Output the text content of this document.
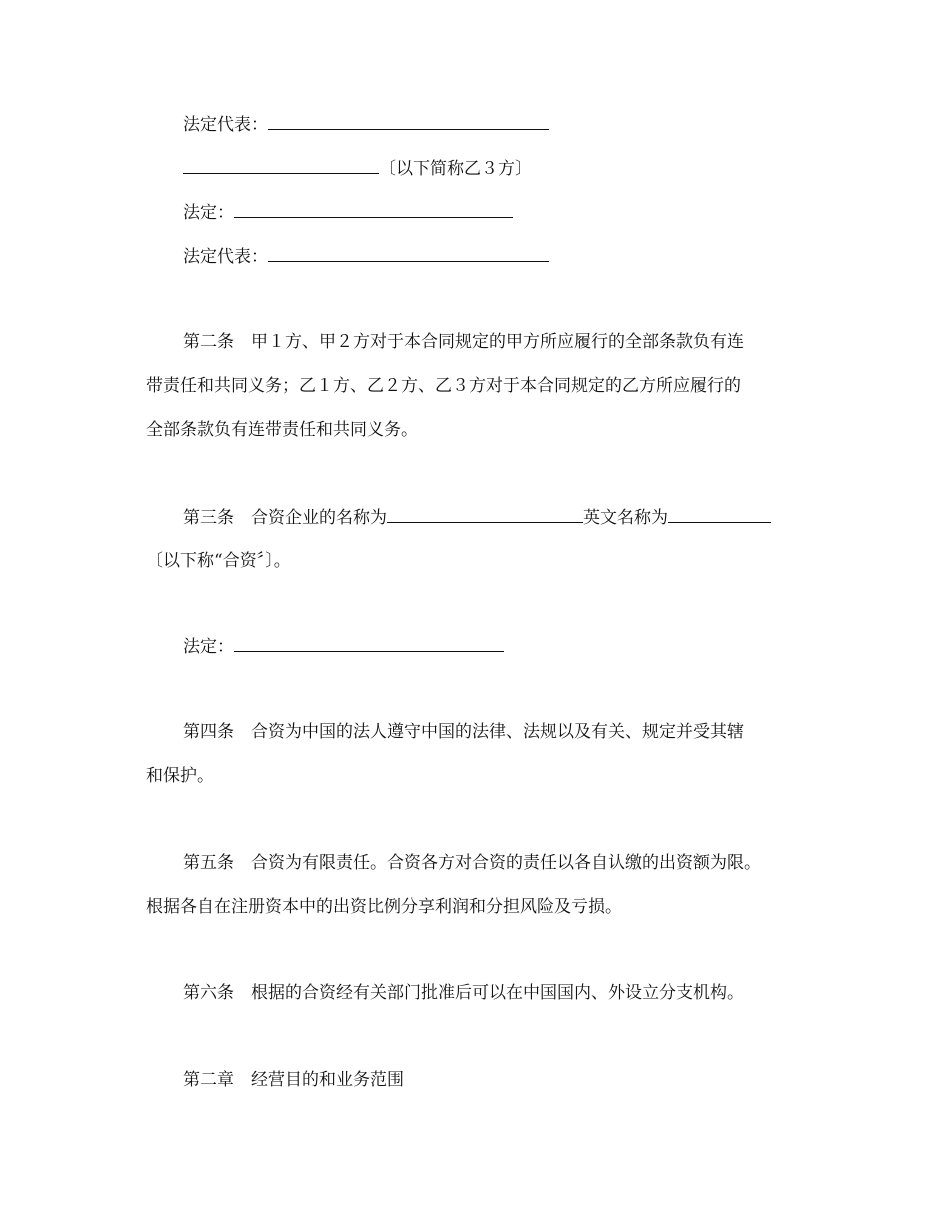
法定代表：
〔以下简称乙３方〕
法定：
法定代表：
第二条　甲１方、甲２方对于本合同规定的甲方所应履行的全部条款负有连
带责任和共同义务；乙１方、乙２方、乙３方对于本合同规定的乙方所应履行的
全部条款负有连带责任和共同义务。
第三条　合资企业的名称为	英文名称为
〔以下称“合资〞〕。
法定：
第四条　合资为中国的法人遵守中国的法律、法规以及有关、规定并受其辖
和保护。
第五条　合资为有限责任。合资各方对合资的责任以各自认缴的出资额为限。
根据各自在注册资本中的出资比例分享利润和分担风险及亏损。
第六条　根据的合资经有关部门批准后可以在中国国内、外设立分支机构。
第二章　经营目的和业务范围
